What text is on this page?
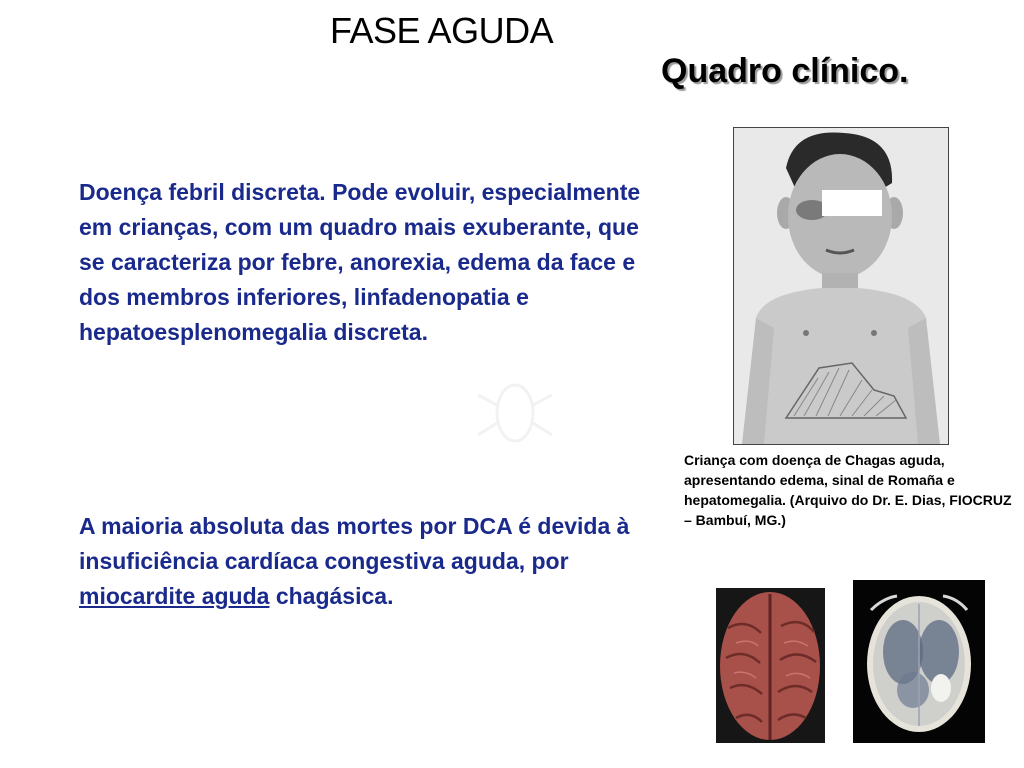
FASE AGUDA
Quadro clínico.
Doença febril discreta. Pode evoluir, especialmente em crianças, com um quadro mais exuberante, que se caracteriza por febre, anorexia, edema da face e dos membros inferiores, linfadenopatia e hepatoesplenomegalia discreta.
A maioria absoluta das mortes por DCA é devida à insuficiência cardíaca congestiva aguda, por miocardite aguda chagásica.
Criança com doença de Chagas aguda, apresentando edema, sinal de Romaña e hepatomegalia. (Arquivo do Dr. E. Dias, FIOCRUZ – Bambuí, MG.)
